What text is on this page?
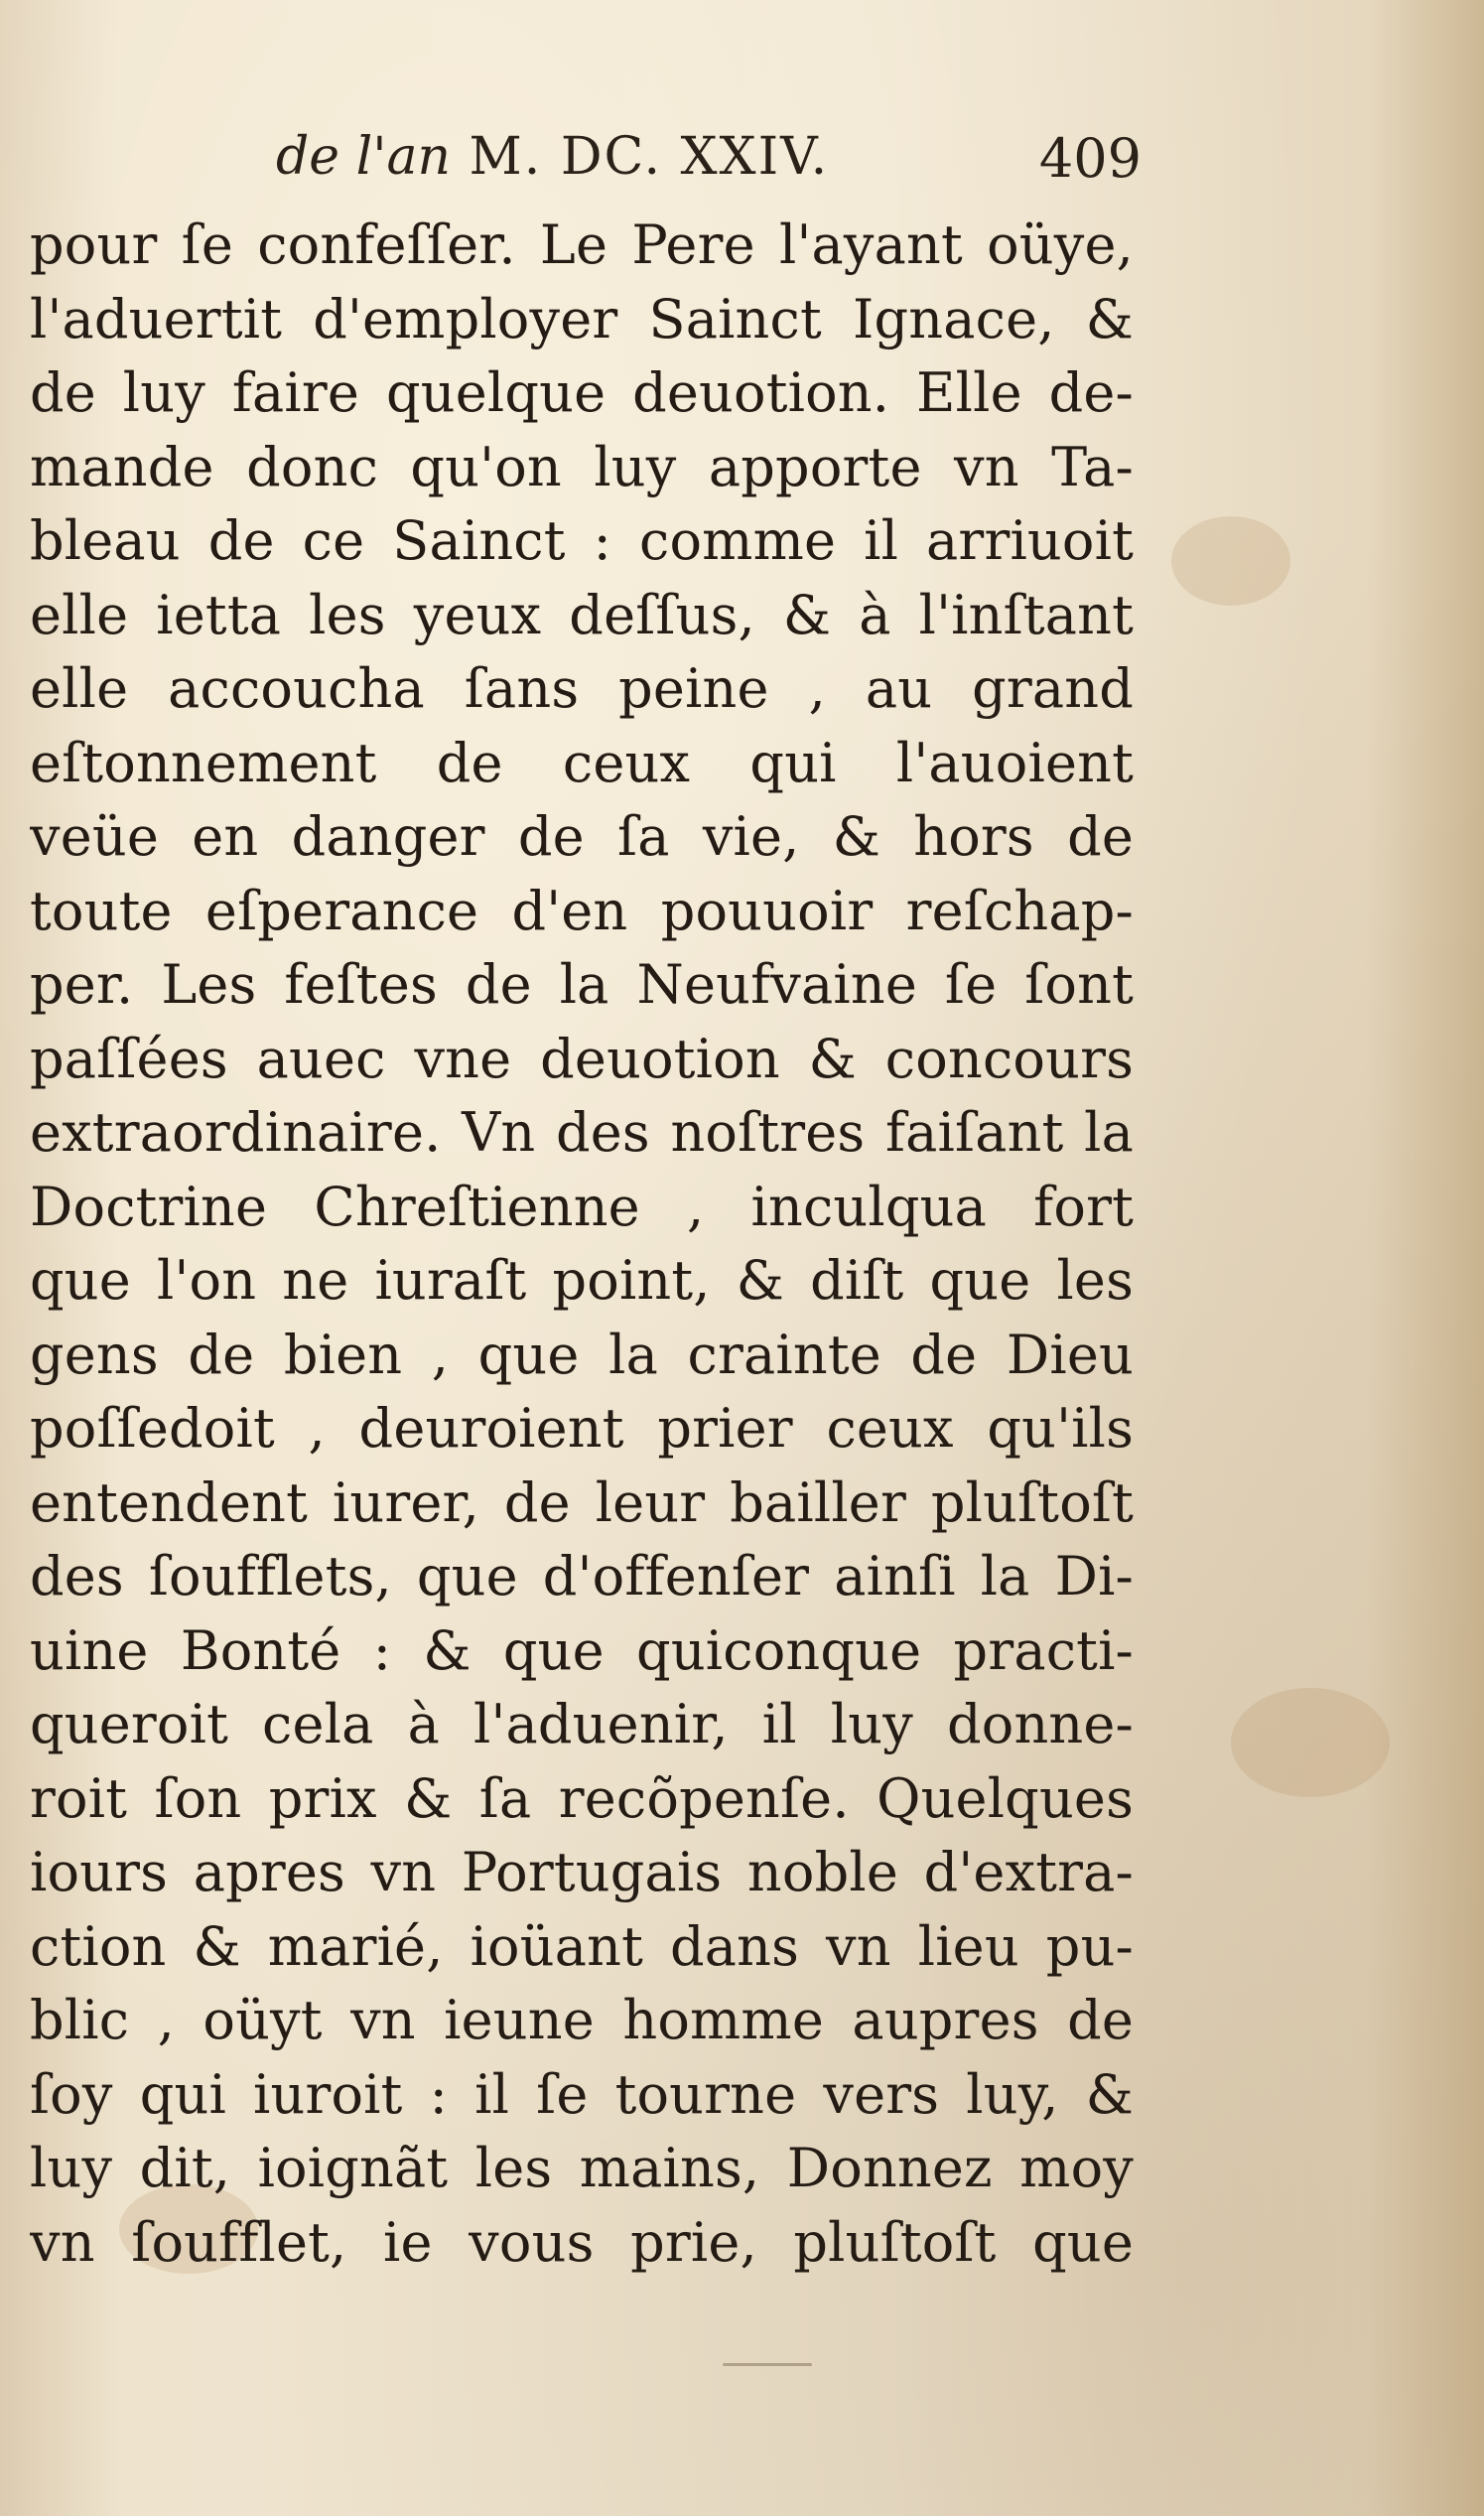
de l'an M. DC. XXIV.	409
pour ſe confeſſer. Le Pere l'ayant oüye,
l'aduertit d'employer Sainct Ignace, &
de luy faire quelque deuotion. Elle de-
mande donc qu'on luy apporte vn Ta-
bleau de ce Sainct : comme il arriuoit
elle ietta les yeux deſſus, & à l'inſtant
elle accoucha ſans peine , au grand
eſtonnement de ceux qui l'auoient
veüe en danger de ſa vie, & hors de
toute eſperance d'en pouuoir reſchap-
per. Les feſtes de la Neufvaine ſe ſont
paſſées auec vne deuotion & concours
extraordinaire. Vn des noſtres faiſant la
Doctrine Chreſtienne , inculqua fort
que l'on ne iuraſt point, & diſt que les
gens de bien , que la crainte de Dieu
poſſedoit , deuroient prier ceux qu'ils
entendent iurer, de leur bailler pluſtoſt
des ſoufflets, que d'offenſer ainſi la Di-
uine Bonté : & que quiconque practi-
queroit cela à l'aduenir, il luy donne-
roit ſon prix & ſa recõpenſe. Quelques
iours apres vn Portugais noble d'extra-
ction & marié, ioüant dans vn lieu pu-
blic , oüyt vn ieune homme aupres de
ſoy qui iuroit : il ſe tourne vers luy, &
luy dit, ioignãt les mains, Donnez moy
vn ſoufflet, ie vous prie, pluſtoſt que
